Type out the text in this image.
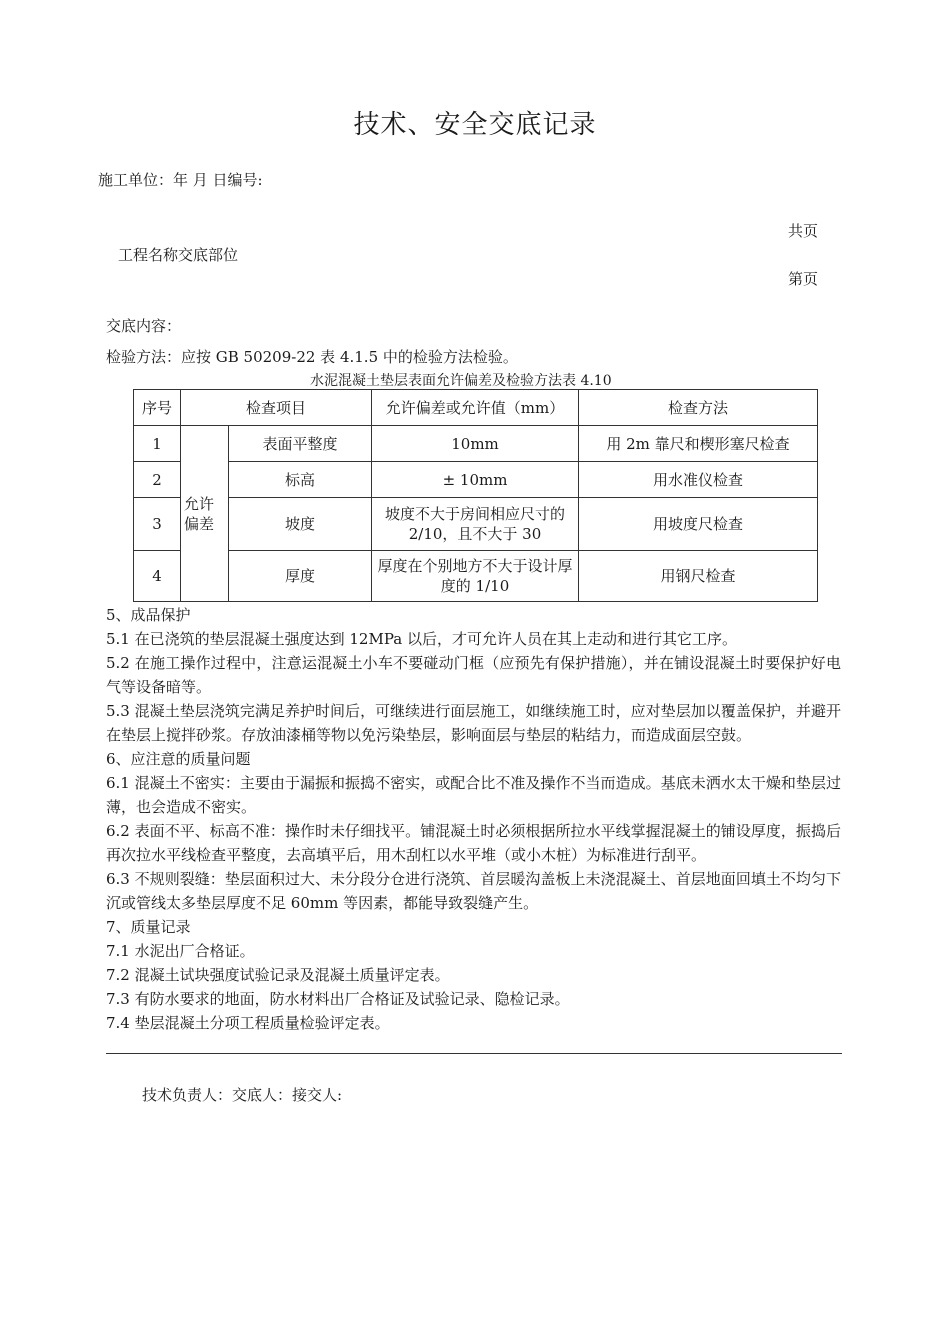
技术、安全交底记录
施工单位：年 月 日编号:
共页
工程名称交底部位
第页
交底内容：
检验方法：应按 GB 50209-22 表 4.1.5 中的检验方法检验。
水泥混凝土垫层表面允许偏差及检验方法表 4.10
序号	检查项目		允许偏差或允许值（mm）	检查方法
1	允许偏差	表面平整度	10mm	用 2m 靠尺和楔形塞尺检查
2		标高	± 10mm	用水准仪检查
3		坡度	坡度不大于房间相应尺寸的 2/10，且不大于 30	用坡度尺检查
4		厚度	厚度在个别地方不大于设计厚度的 1/10	用钢尺检查
5、成品保护
5.1 在已浇筑的垫层混凝土强度达到 12MPa 以后，才可允许人员在其上走动和进行其它工序。
5.2 在施工操作过程中，注意运混凝土小车不要碰动门框（应预先有保护措施），并在铺设混凝土时要保护好电气等设备暗等。
5.3 混凝土垫层浇筑完满足养护时间后，可继续进行面层施工，如继续施工时，应对垫层加以覆盖保护，并避开在垫层上搅拌砂浆。存放油漆桶等物以免污染垫层，影响面层与垫层的粘结力，而造成面层空鼓。
6、应注意的质量问题
6.1 混凝土不密实：主要由于漏振和振捣不密实，或配合比不准及操作不当而造成。基底未洒水太干燥和垫层过薄，也会造成不密实。
6.2 表面不平、标高不准：操作时未仔细找平。铺混凝土时必须根据所拉水平线掌握混凝土的铺设厚度，振捣后再次拉水平线检查平整度，去高填平后，用木刮杠以水平堆（或小木桩）为标准进行刮平。
6.3 不规则裂缝：垫层面积过大、未分段分仓进行浇筑、首层暖沟盖板上未浇混凝土、首层地面回填土不均匀下沉或管线太多垫层厚度不足 60mm 等因素，都能导致裂缝产生。
7、质量记录
7.1 水泥出厂合格证。
7.2 混凝土试块强度试验记录及混凝土质量评定表。
7.3 有防水要求的地面，防水材料出厂合格证及试验记录、隐检记录。
7.4 垫层混凝土分项工程质量检验评定表。
技术负责人：交底人：接交人:
